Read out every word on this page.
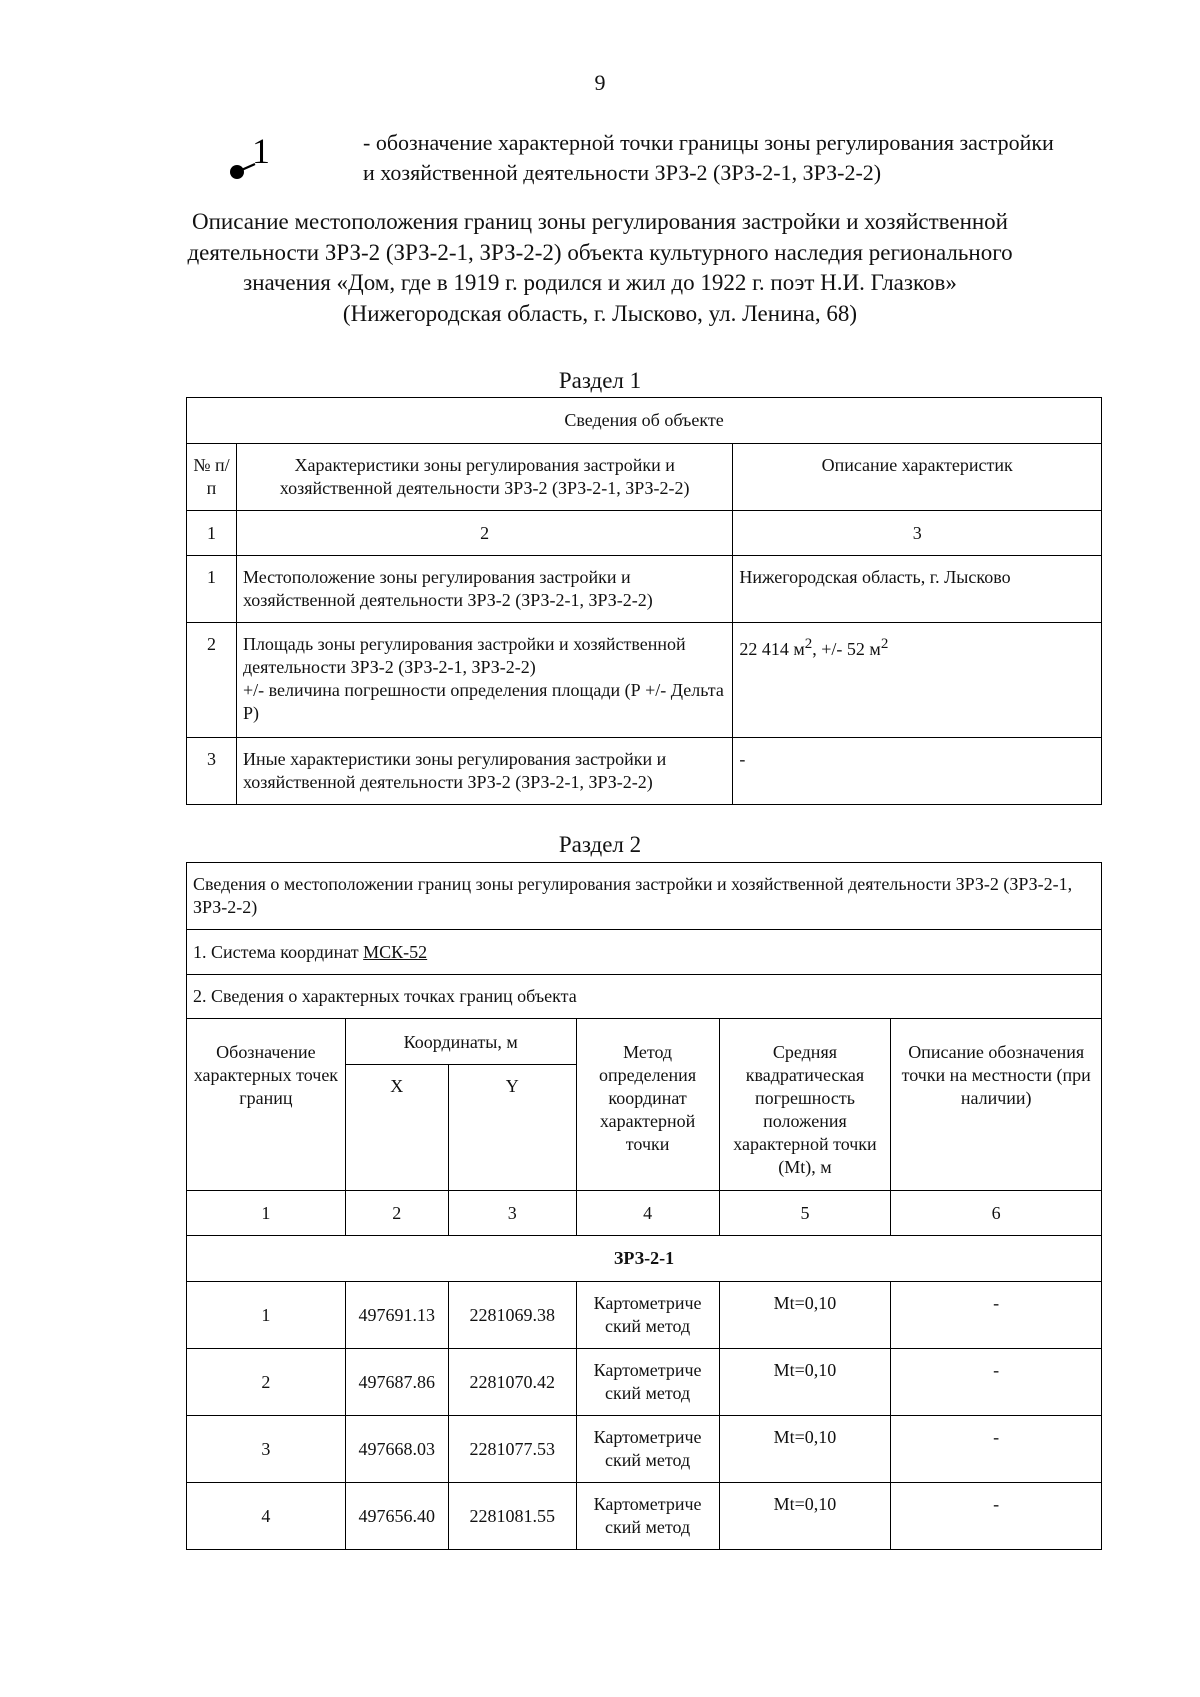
9
1	- обозначение характерной точки границы зоны регулирования застройки
и хозяйственной деятельности ЗРЗ-2 (ЗРЗ-2-1, ЗРЗ-2-2)
Описание местоположения границ зоны регулирования застройки и хозяйственной
деятельности ЗРЗ-2 (ЗРЗ-2-1, ЗРЗ-2-2) объекта культурного наследия регионального
значения «Дом, где в 1919 г. родился и жил до 1922 г. поэт Н.И. Глазков»
(Нижегородская область, г. Лысково, ул. Ленина, 68)
Раздел 1
Сведения об объекте		
№ п/п	Характеристики зоны регулирования застройки и хозяйственной деятельности ЗРЗ-2 (ЗРЗ-2-1, ЗРЗ-2-2)	Описание характеристик
1	2	3
1	Местоположение зоны регулирования застройки и хозяйственной деятельности ЗРЗ-2 (ЗРЗ-2-1, ЗРЗ-2-2)	Нижегородская область, г. Лысково
2	Площадь зоны регулирования застройки и хозяйственной деятельности ЗРЗ-2 (ЗРЗ-2-1, ЗРЗ-2-2)
+/- величина погрешности определения площади (Р +/- Дельта Р)	22 414 $м^2$, +/- 52 $м^2$
3	Иные характеристики зоны регулирования застройки и хозяйственной деятельности ЗРЗ-2 (ЗРЗ-2-1, ЗРЗ-2-2)	-
Раздел 2
Сведения о местоположении границ зоны регулирования застройки и хозяйственной деятельности ЗРЗ-2 (ЗРЗ-2-1, ЗРЗ-2-2)					
1. Система координат МСК-52					
2. Сведения о характерных точках границ объекта					
Обозначение характерных точек границ	Координаты, м		Метод определения координат характерной точки	Средняя квадратическая погрешность положения характерной точки (Mt), м	Описание обозначения точки на местности (при наличии)
	X	Y			
1	2	3	4	5	6
ЗРЗ-2-1					
1	497691.13	2281069.38	Картометриче ский метод	Mt=0,10	-
2	497687.86	2281070.42	Картометриче ский метод	Mt=0,10	-
3	497668.03	2281077.53	Картометриче ский метод	Mt=0,10	-
4	497656.40	2281081.55	Картометриче ский метод	Mt=0,10	-
